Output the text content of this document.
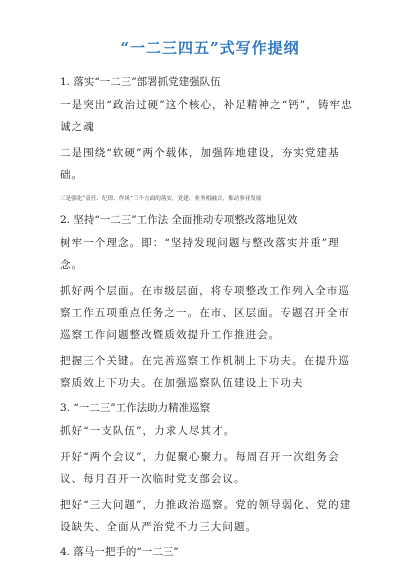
“一二三四五”式写作提纲
1. 落实“一二三”部署抓党建强队伍
一是突出“政治过硬”这个核心，补足精神之“钙”，铸牢忠诚之魂
二是围绕“软硬”两个载体，加强阵地建设，夯实党建基础。
三是强化“责任、纪律、作风”三个方面的落实，党建、业务相融合，推动事业发展
2. 坚持“一二三”工作法 全面推动专项整改落地见效
树牢一个理念。即：“坚持发现问题与整改落实并重”理念。
抓好两个层面。在市级层面，将专项整改工作列入全市巡察工作五项重点任务之一。在市、区层面。专题召开全市巡察工作问题整改暨质效提升工作推进会。
把握三个关键。在完善巡察工作机制上下功夫。在提升巡察质效上下功夫。在加强巡察队伍建设上下功夫
3. “一二三”工作法助力精准巡察
抓好“一支队伍”，力求人尽其才。
开好“两个会议”，力促聚心聚力。每周召开一次组务会议、每月召开一次临时党支部会议。
把好“三大问题”，力推政治巡察。党的领导弱化、党的建设缺失、全面从严治党不力三大问题。
4. 落马一把手的“一二三”
